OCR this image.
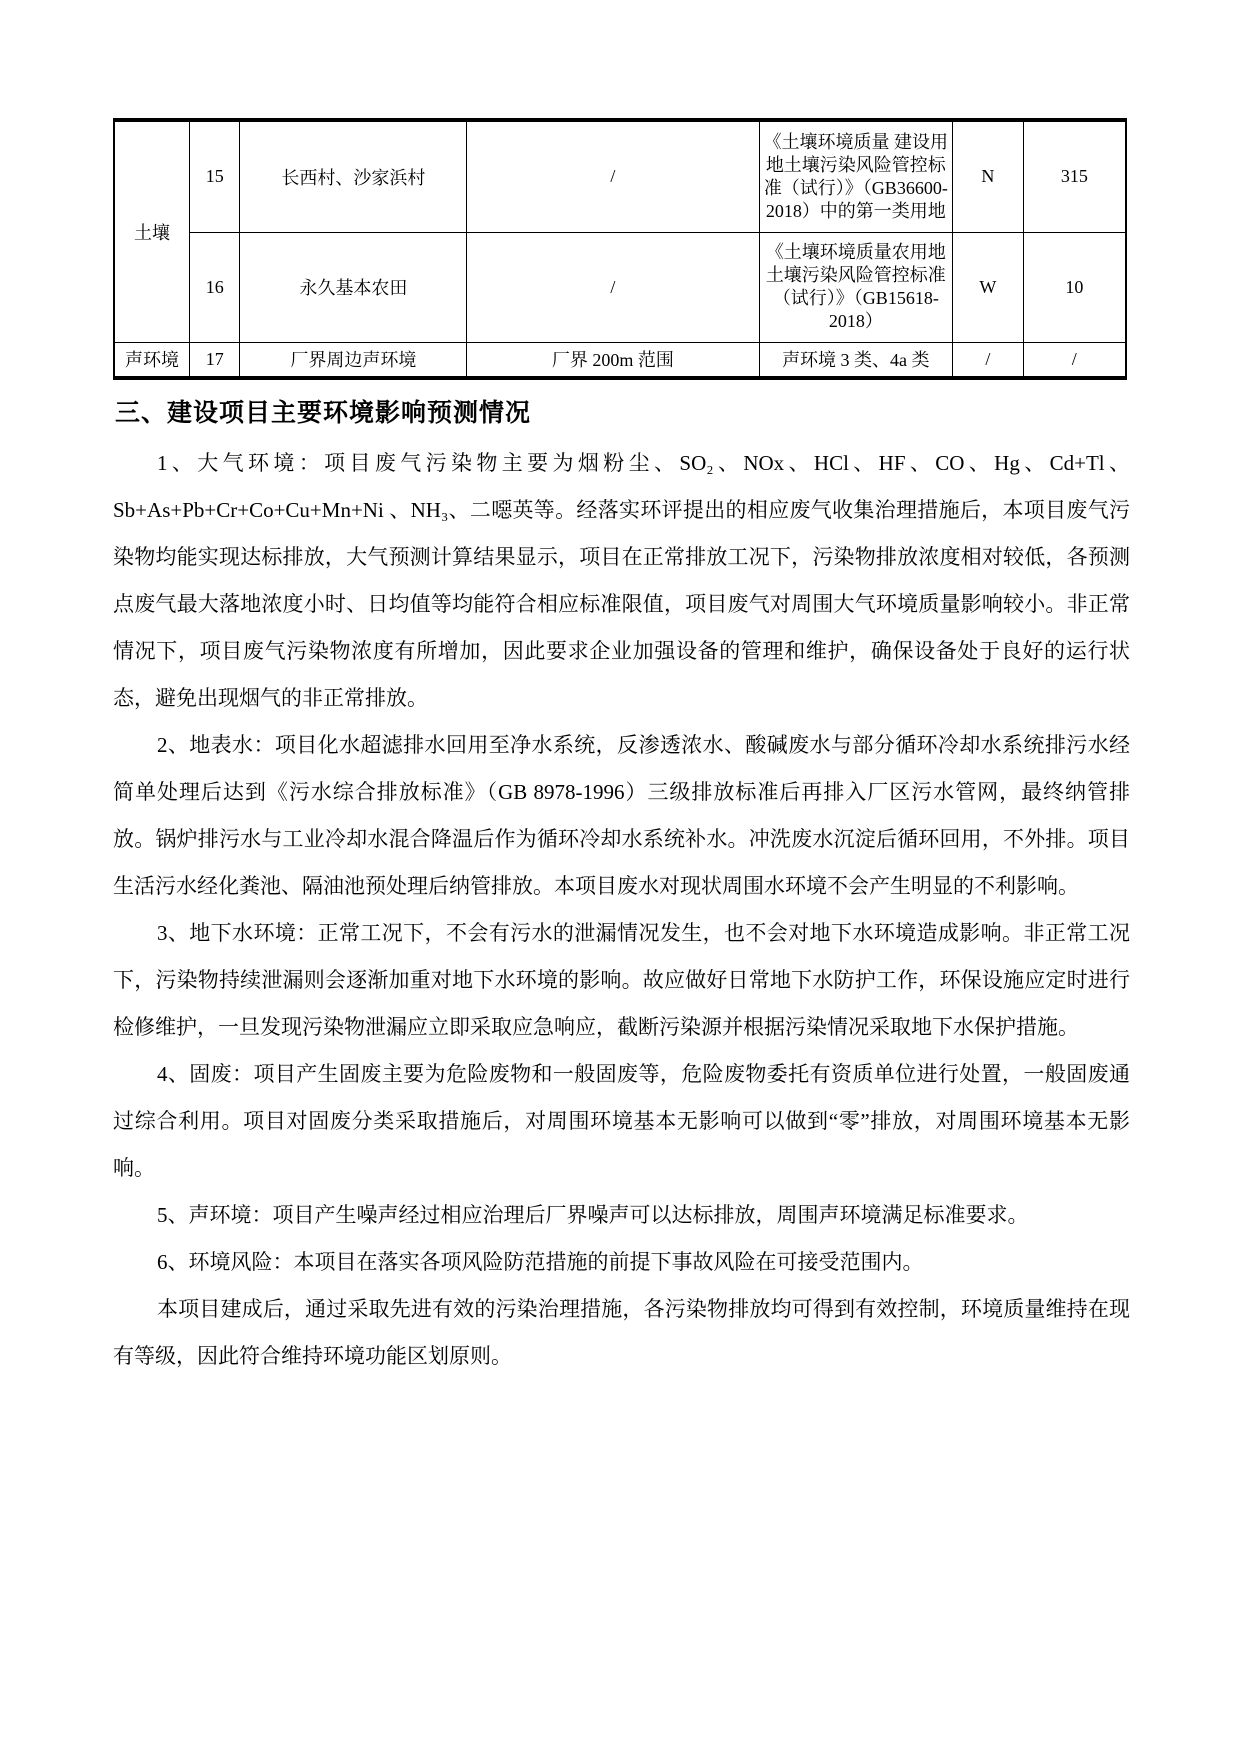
土壤	15	长西村、沙家浜村	/	《土壤环境质量 建设用地土壤污染风险管控标准（试行）》（GB36600-2018）中的第一类用地	N	315
	16	永久基本农田	/	《土壤环境质量农用地土壤污染风险管控标准（试行）》（GB15618-2018）	W	10
声环境	17	厂界周边声环境	厂界 200m 范围	声环境 3 类、4a 类	/	/
三、建设项目主要环境影响预测情况

1、大气环境：项目废气污染物主要为烟粉尘、SO₂、NOx、HCl、HF、CO、Hg、Cd+Tl、Sb+As+Pb+Cr+Co+Cu+Mn+Ni 、NH₃、二噁英等。经落实环评提出的相应废气收集治理措施后，本项目废气污染物均能实现达标排放，大气预测计算结果显示，项目在正常排放工况下，污染物排放浓度相对较低，各预测点废气最大落地浓度小时、日均值等均能符合相应标准限值，项目废气对周围大气环境质量影响较小。非正常情况下，项目废气污染物浓度有所增加，因此要求企业加强设备的管理和维护，确保设备处于良好的运行状态，避免出现烟气的非正常排放。

2、地表水：项目化水超滤排水回用至净水系统，反渗透浓水、酸碱废水与部分循环冷却水系统排污水经简单处理后达到《污水综合排放标准》（GB 8978-1996）三级排放标准后再排入厂区污水管网，最终纳管排放。锅炉排污水与工业冷却水混合降温后作为循环冷却水系统补水。冲洗废水沉淀后循环回用，不外排。项目生活污水经化粪池、隔油池预处理后纳管排放。本项目废水对现状周围水环境不会产生明显的不利影响。

3、地下水环境：正常工况下，不会有污水的泄漏情况发生，也不会对地下水环境造成影响。非正常工况下，污染物持续泄漏则会逐渐加重对地下水环境的影响。故应做好日常地下水防护工作，环保设施应定时进行检修维护，一旦发现污染物泄漏应立即采取应急响应，截断污染源并根据污染情况采取地下水保护措施。

4、固废：项目产生固废主要为危险废物和一般固废等，危险废物委托有资质单位进行处置，一般固废通过综合利用。项目对固废分类采取措施后，对周围环境基本无影响可以做到“零”排放，对周围环境基本无影响。

5、声环境：项目产生噪声经过相应治理后厂界噪声可以达标排放，周围声环境满足标准要求。

6、环境风险：本项目在落实各项风险防范措施的前提下事故风险在可接受范围内。

本项目建成后，通过采取先进有效的污染治理措施，各污染物排放均可得到有效控制，环境质量维持在现有等级，因此符合维持环境功能区划原则。
